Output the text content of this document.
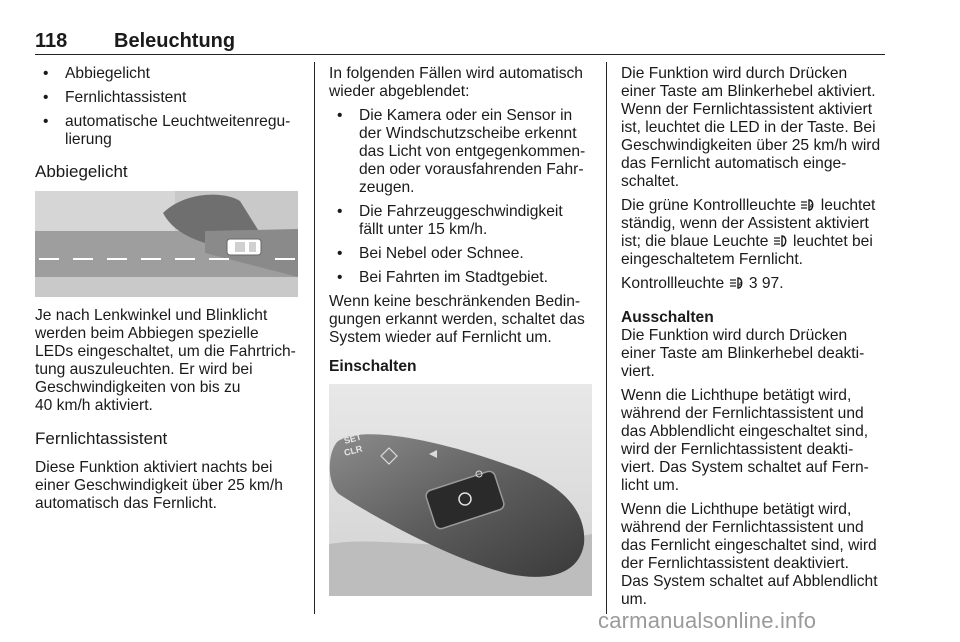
118 Beleuchtung
• Abbiegelicht
• Fernlichtassistent
• automatische Leuchtweitenregu-
lierung
Abbiegelicht

Je nach Lenkwinkel und Blinklicht
werden beim Abbiegen spezielle
LEDs eingeschaltet, um die Fahrtrich-
tung auszuleuchten. Er wird bei
Geschwindigkeiten von bis zu
40 km/h aktiviert.

Fernlichtassistent

Diese Funktion aktiviert nachts bei
einer Geschwindigkeit über 25 km/h
automatisch das Fernlicht.

In folgenden Fällen wird automatisch
wieder abgeblendet:

• Die Kamera oder ein Sensor in
der Windschutzscheibe erkennt
das Licht von entgegenkommen-
den oder vorausfahrenden Fahr-
zeugen.
• Die Fahrzeuggeschwindigkeit
fällt unter 15 km/h.
• Bei Nebel oder Schnee.
• Bei Fahrten im Stadtgebiet.

Wenn keine beschränkenden Bedin-
gungen erkannt werden, schaltet das
System wieder auf Fernlicht um.

Einschalten
SET
CLR

Die Funktion wird durch Drücken
einer Taste am Blinkerhebel aktiviert.
Wenn der Fernlichtassistent aktiviert
ist, leuchtet die LED in der Taste. Bei
Geschwindigkeiten über 25 km/h wird
das Fernlicht automatisch einge-
schaltet.

Die grüne Kontrollleuchte A leuchtet
ständig, wenn der Assistent aktiviert
ist; die blaue Leuchte  leuchtet bei
eingeschaltetem Fernlicht.

Kontrollleuchte A 3 97.

Ausschalten

Die Funktion wird durch Drücken
einer Taste am Blinkerhebel deakti-
viert.

Wenn die Lichthupe betätigt wird,
während der Fernlichtassistent und
das Abblendlicht eingeschaltet sind,
wird der Fernlichtassistent deakti-
viert. Das System schaltet auf Fern-
licht um.

Wenn die Lichthupe betätigt wird,
während der Fernlichtassistent und
das Fernlicht eingeschaltet sind, wird
der Fernlichtassistent deaktiviert.
Das System schaltet auf Abblendlicht
um.

carmanualsonline.info
